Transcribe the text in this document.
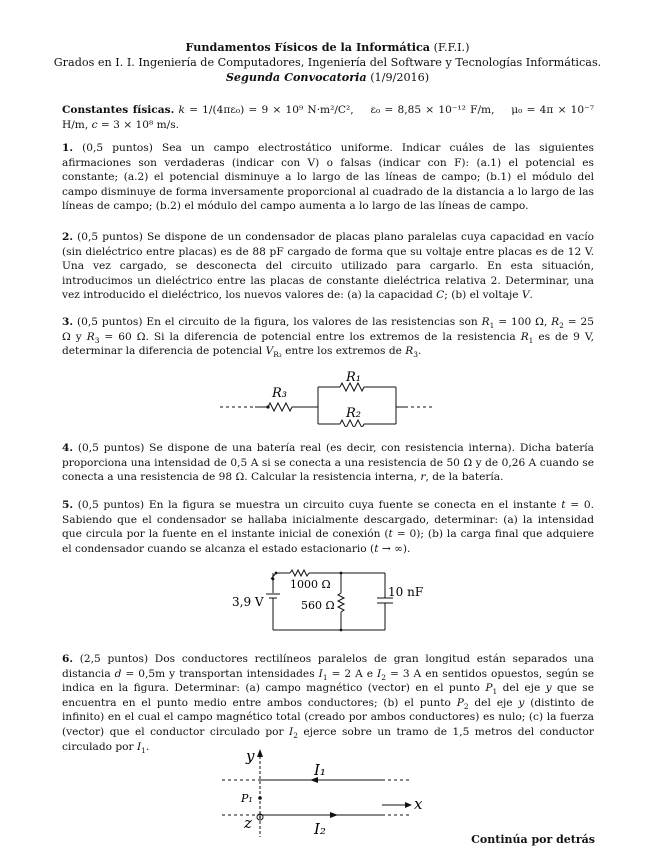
Fundamentos Físicos de la Informática (F.F.I.)
Grados en I. I. Ingeniería de Computadores, Ingeniería del Software y Tecnologías Informáticas.
Segunda Convocatoria (1/9/2016)
Constantes físicas. k = 1/(4πε₀) = 9 × 10⁹ N·m²/C², ε₀ = 8,85 × 10⁻¹² F/m, μ₀ = 4π × 10⁻⁷ H/m, c = 3 × 10⁸ m/s.
1. (0,5 puntos) Sea un campo electrostático uniforme. Indicar cuáles de las siguientes afirmaciones son verdaderas (indicar con V) o falsas (indicar con F): (a.1) el potencial es constante; (a.2) el potencial disminuye a lo largo de las líneas de campo; (b.1) el módulo del campo disminuye de forma inversamente proporcional al cuadrado de la distancia a lo largo de las líneas de campo; (b.2) el módulo del campo aumenta a lo largo de las líneas de campo.
2. (0,5 puntos) Se dispone de un condensador de placas plano paralelas cuya capacidad en vacío (sin dieléctrico entre placas) es de 88 pF cargado de forma que su voltaje entre placas es de 12 V. Una vez cargado, se desconecta del circuito utilizado para cargarlo. En esta situación, introducimos un dieléctrico entre las placas de constante dieléctrica relativa 2. Determinar, una vez introducido el dieléctrico, los nuevos valores de: (a) la capacidad C; (b) el voltaje V.
3. (0,5 puntos) En el circuito de la figura, los valores de las resistencias son $R_1 = 100$ Ω, $R_2 = 25$ Ω y $R_3 = 60$ Ω. Si la diferencia de potencial entre los extremos de la resistencia $R_1$ es de 9 V, determinar la diferencia de potencial $V_{R_3}$ entre los extremos de $R_3$.
R₃
R₁
R₂
4. (0,5 puntos) Se dispone de una batería real (es decir, con resistencia interna). Dicha batería proporciona una intensidad de 0,5 A si se conecta a una resistencia de 50 Ω y de 0,26 A cuando se conecta a una resistencia de 98 Ω. Calcular la resistencia interna, r, de la batería.
5. (0,5 puntos) En la figura se muestra un circuito cuya fuente se conecta en el instante t = 0. Sabiendo que el condensador se hallaba inicialmente descargado, determinar: (a) la intensidad que circula por la fuente en el instante inicial de conexión (t = 0); (b) la carga final que adquiere el condensador cuando se alcanza el estado estacionario (t → ∞).
3,9 V
1000 Ω
560 Ω
10 nF
6. (2,5 puntos) Dos conductores rectilíneos paralelos de gran longitud están separados una distancia d = 0,5m y transportan intensidades $I_1 = 2$ A e $I_2 = 3$ A en sentidos opuestos, según se indica en la figura. Determinar: (a) campo magnético (vector) en el punto $P_1$ del eje y que se encuentra en el punto medio entre ambos conductores; (b) el punto $P_2$ del eje y (distinto de infinito) en el cual el campo magnético total (creado por ambos conductores) es nulo; (c) la fuerza (vector) que el conductor circulado por $I_2$ ejerce sobre un tramo de 1,5 metros del conductor circulado por $I_1$.
y
I₁
P₁	x
z	I₂
Continúa por detrás
